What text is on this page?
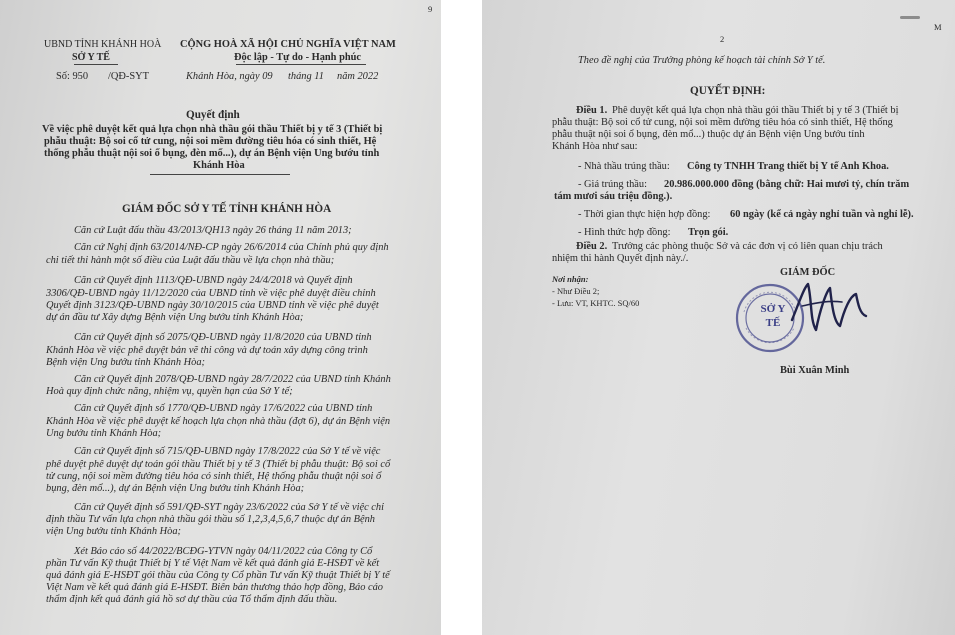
9
UBND TỈNH KHÁNH HOÀ
SỞ Y TẾ
CỘNG HOÀ XÃ HỘI CHỦ NGHĨA VIỆT NAM
Độc lập - Tự do - Hạnh phúc
Số: 950 /QĐ-SYT	Khánh Hòa, ngày 09 tháng 11 năm 2022
Quyết định
Về việc phê duyệt kết quả lựa chọn nhà thầu gói thầu Thiết bị y tế 3 (Thiết bị
phẫu thuật: Bộ soi cổ tử cung, nội soi mềm đường tiêu hóa có sinh thiết, Hệ
thống phẫu thuật nội soi ổ bụng, đèn mổ...), dự án Bệnh viện Ung bướu tỉnh
Khánh Hòa
GIÁM ĐỐC SỞ Y TẾ TỈNH KHÁNH HÒA
Căn cứ Luật đấu thầu 43/2013/QH13 ngày 26 tháng 11 năm 2013;
Căn cứ Nghị định 63/2014/NĐ-CP ngày 26/6/2014 của Chính phủ quy định
chi tiết thi hành một số điều của Luật đấu thầu về lựa chọn nhà thầu;
Căn cứ Quyết định 1113/QĐ-UBND ngày 24/4/2018 và Quyết định
3306/QĐ-UBND ngày 11/12/2020 của UBND tỉnh về việc phê duyệt điều chỉnh
Quyết định 3123/QĐ-UBND ngày 30/10/2015 của UBND tỉnh về việc phê duyệt
dự án đầu tư Xây dựng Bệnh viện Ung bướu tỉnh Khánh Hòa;
Căn cứ Quyết định số 2075/QĐ-UBND ngày 11/8/2020 của UBND tỉnh
Khánh Hòa về việc phê duyệt bản vẽ thi công và dự toán xây dựng công trình
Bệnh viện Ung bướu tỉnh Khánh Hòa;
Căn cứ Quyết định 2078/QĐ-UBND ngày 28/7/2022 của UBND tỉnh Khánh
Hoà quy định chức năng, nhiệm vụ, quyền hạn của Sở Y tế;
Căn cứ Quyết định số 1770/QĐ-UBND ngày 17/6/2022 của UBND tỉnh
Khánh Hòa về việc phê duyệt kế hoạch lựa chọn nhà thầu (đợt 6), dự án Bệnh viện
Ung bướu tỉnh Khánh Hòa;
Căn cứ Quyết định số 715/QĐ-UBND ngày 17/8/2022 của Sở Y tế về việc
phê duyệt phê duyệt dự toán gói thầu Thiết bị y tế 3 (Thiết bị phẫu thuật: Bộ soi cổ
tử cung, nội soi mềm đường tiêu hóa có sinh thiết, Hệ thống phẫu thuật nội soi ổ
bụng, đèn mổ...), dự án Bệnh viện Ung bướu tỉnh Khánh Hòa;
Căn cứ Quyết định số 591/QĐ-SYT ngày 23/6/2022 của Sở Y tế về việc chỉ
định thầu Tư vấn lựa chọn nhà thầu gói thầu số 1,2,3,4,5,6,7 thuộc dự án Bệnh
viện Ung bướu tỉnh Khánh Hòa;
Xét Báo cáo số 44/2022/BCĐG-YTVN ngày 04/11/2022 của Công ty Cổ
phần Tư vấn Kỹ thuật Thiết bị Y tế Việt Nam về kết quả đánh giá E-HSĐT về kết
quả đánh giá E-HSĐT gói thầu của Công ty Cổ phần Tư vấn Kỹ thuật Thiết bị Y tế
Việt Nam về kết quả đánh giá E-HSĐT. Biên bản thương thảo hợp đồng, Báo cáo
thẩm định kết quả đánh giá hồ sơ dự thầu của Tổ thẩm định đấu thầu.
2
M
Theo đề nghị của Trưởng phòng kế hoạch tài chính Sở Y tế.
QUYẾT ĐỊNH:
Điều 1. Phê duyệt kết quả lựa chọn nhà thầu gói thầu Thiết bị y tế 3 (Thiết bị
phẫu thuật: Bộ soi cổ tử cung, nội soi mềm đường tiêu hóa có sinh thiết, Hệ thống
phẫu thuật nội soi ổ bụng, đèn mổ...) thuộc dự án Bệnh viện Ung bướu tỉnh
Khánh Hòa như sau:
- Nhà thầu trúng thầu: Công ty TNHH Trang thiết bị Y tế Anh Khoa.
- Giá trúng thầu: 20.986.000.000 đồng (bằng chữ: Hai mươi tỷ, chín trăm
tám mươi sáu triệu đồng.).
- Thời gian thực hiện hợp đồng: 60 ngày (kể cả ngày nghỉ tuần và nghỉ lễ).
- Hình thức hợp đồng: Trọn gói.
Điều 2. Trưởng các phòng thuộc Sở và các đơn vị có liên quan chịu trách
nhiệm thi hành Quyết định này./.
Nơi nhận:
- Như Điều 2;
- Lưu: VT, KHTC. SQ/60
GIÁM ĐỐC
SỞ Y TẾ
Bùi Xuân Minh
